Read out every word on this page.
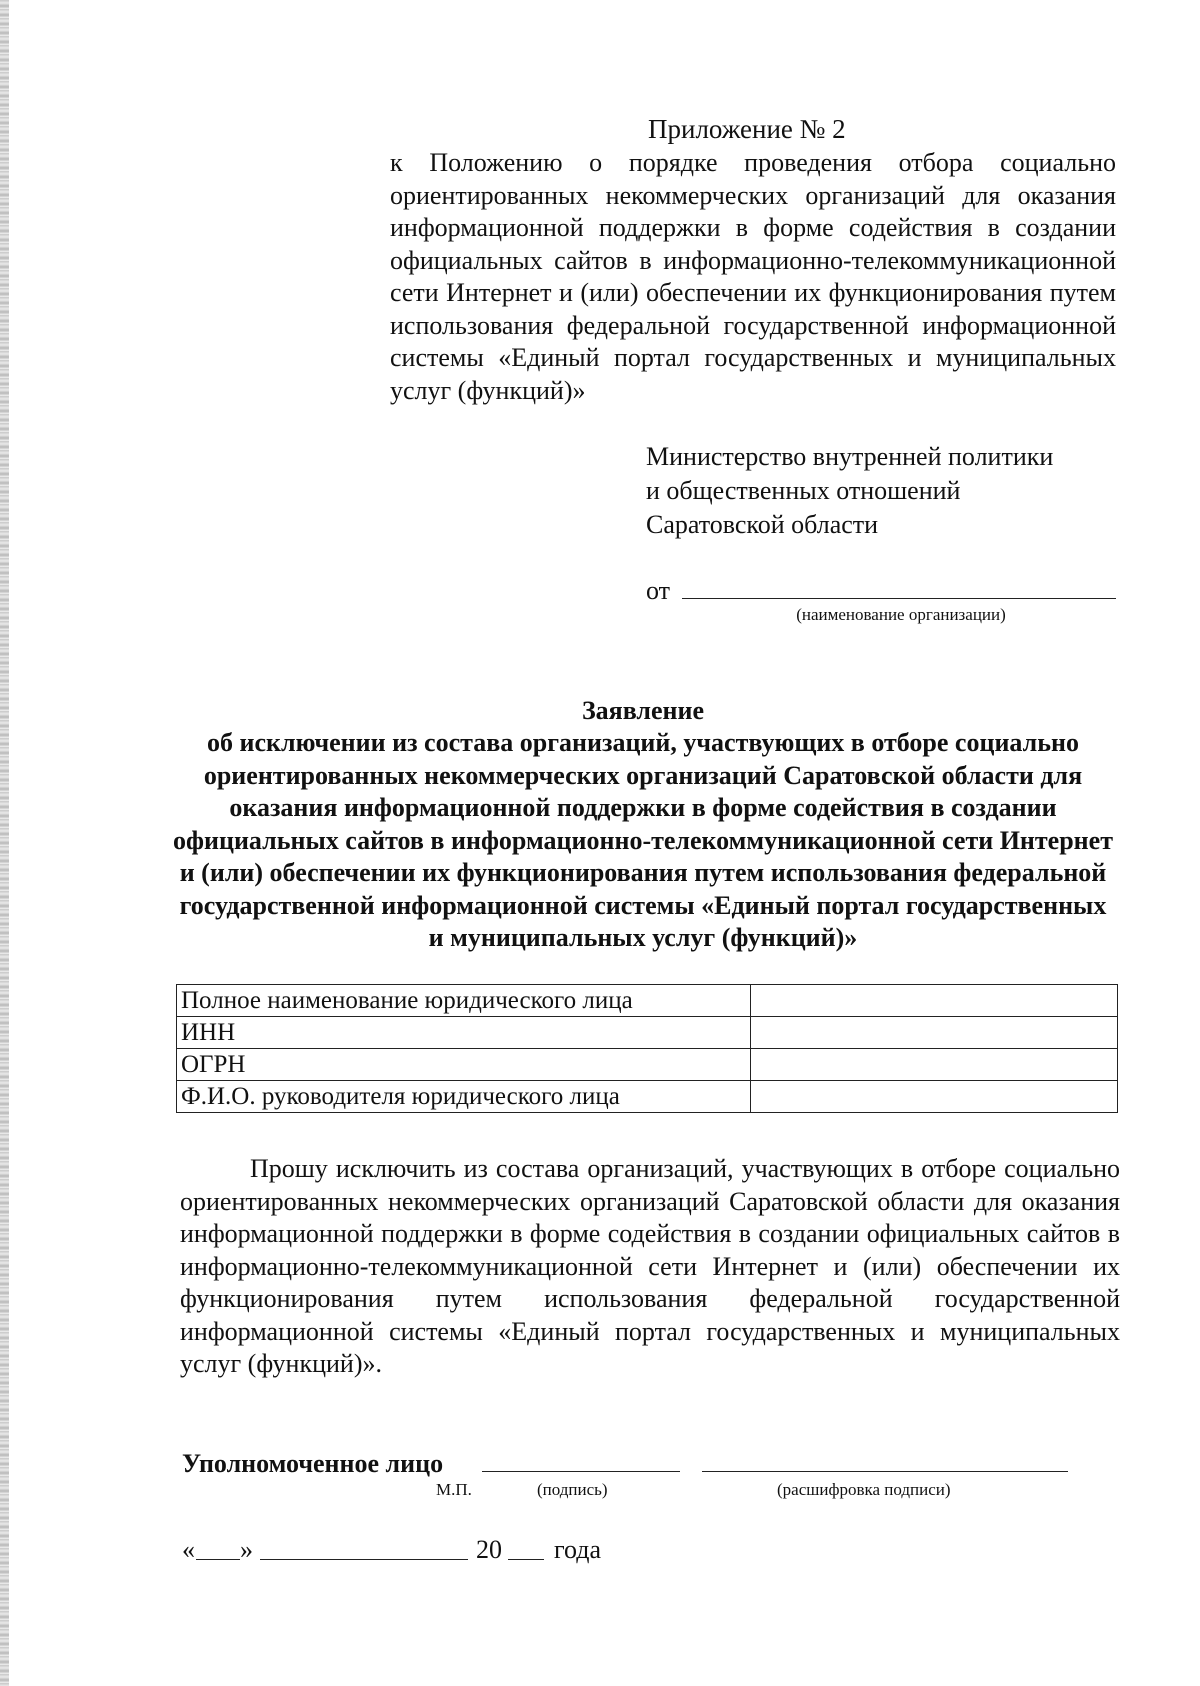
Приложение № 2
к Положению о порядке проведения отбора социально ориентированных некоммерческих организаций для оказания информационной поддержки в форме содействия в создании официальных сайтов в информационно-телекоммуникационной сети Интернет и (или) обеспечении их функционирования путем использования федеральной государственной информационной системы «Единый портал государственных и муниципальных услуг (функций)»
Министерство внутренней политики
и общественных отношений
Саратовской области
от
(наименование организации)
Заявление
об исключении из состава организаций, участвующих в отборе социально ориентированных некоммерческих организаций Саратовской области для оказания информационной поддержки в форме содействия в создании официальных сайтов в информационно-телекоммуникационной сети Интернет и (или) обеспечении их функционирования путем использования федеральной государственной информационной системы «Единый портал государственных и муниципальных услуг (функций)»
Полное наименование юридического лица	
ИНН	
ОГРН	
Ф.И.О. руководителя юридического лица	

Прошу исключить из состава организаций, участвующих в отборе социально ориентированных некоммерческих организаций Саратовской области для оказания информационной поддержки в форме содействия в создании официальных сайтов в информационно-телекоммуникационной сети Интернет и (или) обеспечении их функционирования путем использования федеральной государственной информационной системы «Единый портал государственных и муниципальных услуг (функций)».

Уполномоченное лицо
М.П.	(подпись)	(расшифровка подписи)
« »	20 года
